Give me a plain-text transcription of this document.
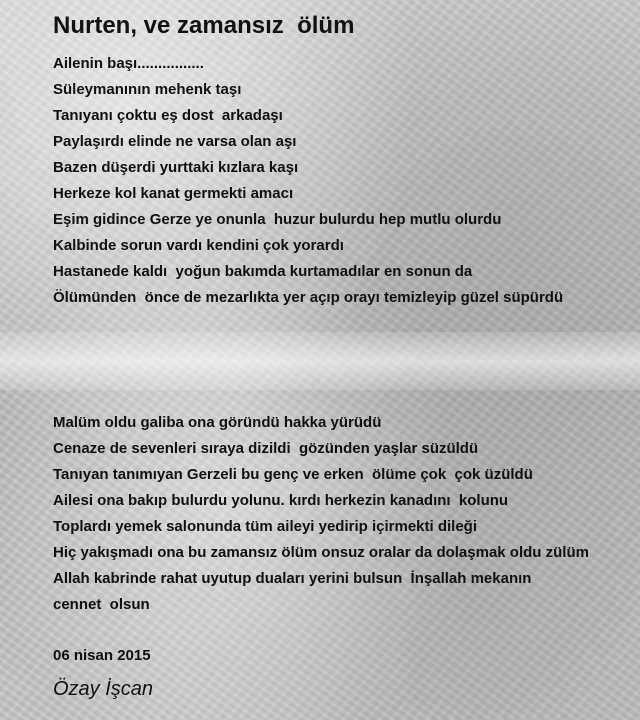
Nurten, ve zamansız  ölüm
Ailenin başı................
Süleymanının mehenk taşı
Tanıyanı çoktu eş dost  arkadaşı
Paylaşırdı elinde ne varsa olan aşı
Bazen düşerdi yurttaki kızlara kaşı
Herkeze kol kanat germekti amacı
Eşim gidince Gerze ye onunla  huzur bulurdu hep mutlu olurdu
Kalbinde sorun vardı kendini çok yorardı
Hastanede kaldı  yoğun bakımda kurtamadılar en sonun da
Ölümünden  önce de mezarlıkta yer açıp orayı temizleyip güzel süpürdü
Malüm oldu galiba ona göründü hakka yürüdü
Cenaze de sevenleri sıraya dizildi  gözünden yaşlar süzüldü
Tanıyan tanımıyan Gerzeli bu genç ve erken  ölüme çok  çok üzüldü
Ailesi ona bakıp bulurdu yolunu. kırdı herkezin kanadını  kolunu
Toplardı yemek salonunda tüm aileyi yedirip içirmekti dileği
Hiç yakışmadı ona bu zamansız ölüm onsuz oralar da dolaşmak oldu zülüm
Allah kabrinde rahat uyutup duaları yerini bulsun  İnşallah mekanın
cennet  olsun

06 nisan 2015

Özay İşcan
